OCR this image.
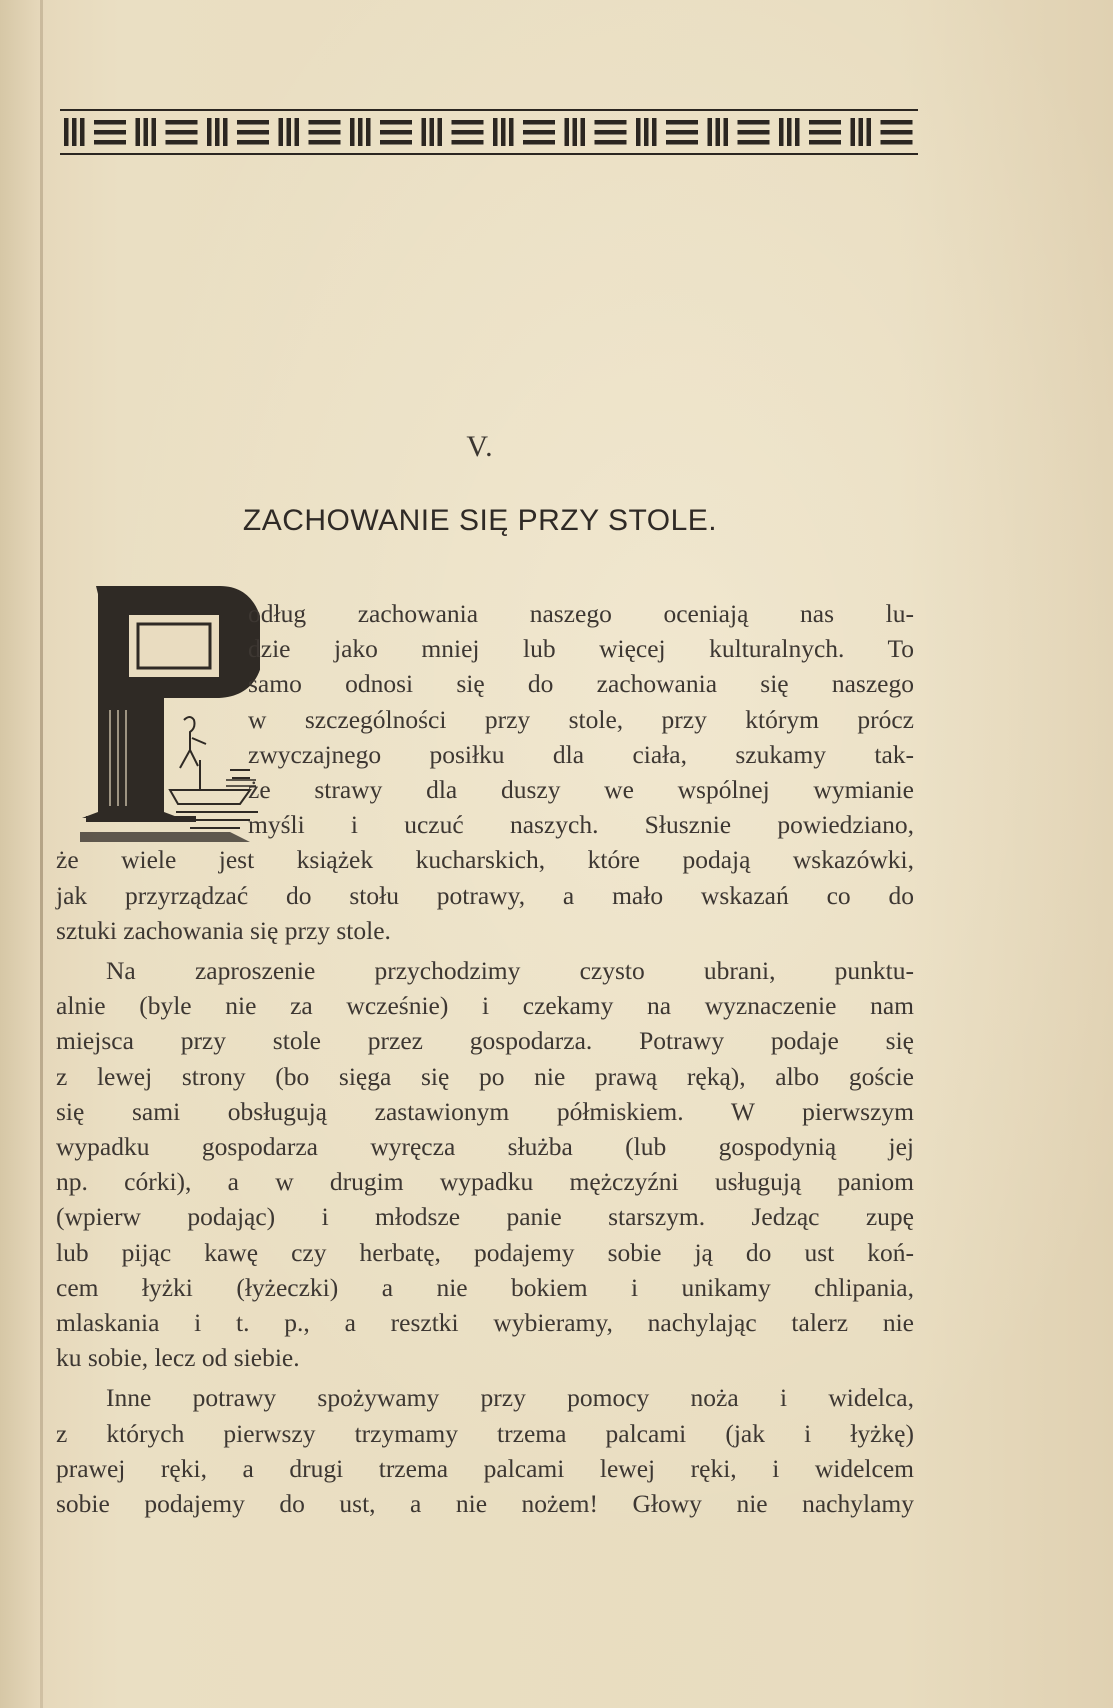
V.
ZACHOWANIE SIĘ PRZY STOLE.
odług zachowania naszego oceniają nas lu-
dzie jako mniej lub więcej kulturalnych. To
samo odnosi się do zachowania się naszego
w szczególności przy stole, przy którym prócz
zwyczajnego posiłku dla ciała, szukamy tak-
że strawy dla duszy we wspólnej wymianie
myśli i uczuć naszych. Słusznie powiedziano,
że wiele jest książek kucharskich, które podają wskazówki,
jak przyrządzać do stołu potrawy, a mało wskazań co do
sztuki zachowania się przy stole.
Na zaproszenie przychodzimy czysto ubrani, punktu-
alnie (byle nie za wcześnie) i czekamy na wyznaczenie nam
miejsca przy stole przez gospodarza. Potrawy podaje się
z lewej strony (bo sięga się po nie prawą ręką), albo goście
się sami obsługują zastawionym półmiskiem. W pierwszym
wypadku gospodarza wyręcza służba (lub gospodynią jej
np. córki), a w drugim wypadku mężczyźni usługują paniom
(wpierw podając) i młodsze panie starszym. Jedząc zupę
lub pijąc kawę czy herbatę, podajemy sobie ją do ust koń-
cem łyżki (łyżeczki) a nie bokiem i unikamy chlipania,
mlaskania i t. p., a resztki wybieramy, nachylając talerz nie
ku sobie, lecz od siebie.
Inne potrawy spożywamy przy pomocy noża i widelca,
z których pierwszy trzymamy trzema palcami (jak i łyżkę)
prawej ręki, a drugi trzema palcami lewej ręki, i widelcem
sobie podajemy do ust, a nie nożem! Głowy nie nachylamy
